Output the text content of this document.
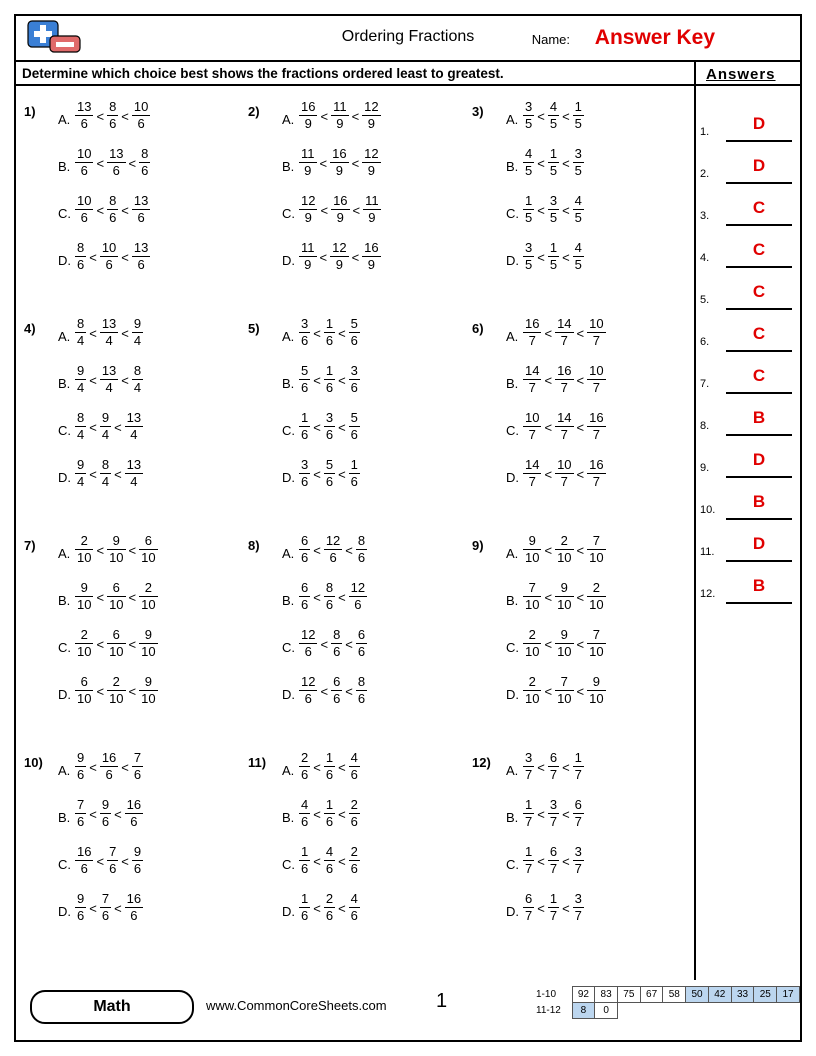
Ordering Fractions	Name: Answer Key
Determine which choice best shows the fractions ordered least to greatest.	Answers
1.	D
2.	D
3.	C
4.	C
5.	C
6.	C
7.	C
8.	B
9.	D
10.	B
11.	D
12.	B
1)
A. $\frac{13}{6} < \frac{8}{6} < \frac{10}{6}$
B. $\frac{10}{6} < \frac{13}{6} < \frac{8}{6}$
C. $\frac{10}{6} < \frac{8}{6} < \frac{13}{6}$
D. $\frac{8}{6} < \frac{10}{6} < \frac{13}{6}$
2)
A. $\frac{16}{9} < \frac{11}{9} < \frac{12}{9}$
B. $\frac{11}{9} < \frac{16}{9} < \frac{12}{9}$
C. $\frac{12}{9} < \frac{16}{9} < \frac{11}{9}$
D. $\frac{11}{9} < \frac{12}{9} < \frac{16}{9}$
3)
A. $\frac{3}{5} < \frac{4}{5} < \frac{1}{5}$
B. $\frac{4}{5} < \frac{1}{5} < \frac{3}{5}$
C. $\frac{1}{5} < \frac{3}{5} < \frac{4}{5}$
D. $\frac{3}{5} < \frac{1}{5} < \frac{4}{5}$
4)
A. $\frac{8}{4} < \frac{13}{4} < \frac{9}{4}$
B. $\frac{9}{4} < \frac{13}{4} < \frac{8}{4}$
C. $\frac{8}{4} < \frac{9}{4} < \frac{13}{4}$
D. $\frac{9}{4} < \frac{8}{4} < \frac{13}{4}$
5)
A. $\frac{3}{6} < \frac{1}{6} < \frac{5}{6}$
B. $\frac{5}{6} < \frac{1}{6} < \frac{3}{6}$
C. $\frac{1}{6} < \frac{3}{6} < \frac{5}{6}$
D. $\frac{3}{6} < \frac{5}{6} < \frac{1}{6}$
6)
A. $\frac{16}{7} < \frac{14}{7} < \frac{10}{7}$
B. $\frac{14}{7} < \frac{16}{7} < \frac{10}{7}$
C. $\frac{10}{7} < \frac{14}{7} < \frac{16}{7}$
D. $\frac{14}{7} < \frac{10}{7} < \frac{16}{7}$
7)
A. $\frac{2}{10} < \frac{9}{10} < \frac{6}{10}$
B. $\frac{9}{10} < \frac{6}{10} < \frac{2}{10}$
C. $\frac{2}{10} < \frac{6}{10} < \frac{9}{10}$
D. $\frac{6}{10} < \frac{2}{10} < \frac{9}{10}$
8)
A. $\frac{6}{6} < \frac{12}{6} < \frac{8}{6}$
B. $\frac{6}{6} < \frac{8}{6} < \frac{12}{6}$
C. $\frac{12}{6} < \frac{8}{6} < \frac{6}{6}$
D. $\frac{12}{6} < \frac{6}{6} < \frac{8}{6}$
9)
A. $\frac{9}{10} < \frac{2}{10} < \frac{7}{10}$
B. $\frac{7}{10} < \frac{9}{10} < \frac{2}{10}$
C. $\frac{2}{10} < \frac{9}{10} < \frac{7}{10}$
D. $\frac{2}{10} < \frac{7}{10} < \frac{9}{10}$
10)
A. $\frac{9}{6} < \frac{16}{6} < \frac{7}{6}$
B. $\frac{7}{6} < \frac{9}{6} < \frac{16}{6}$
C. $\frac{16}{6} < \frac{7}{6} < \frac{9}{6}$
D. $\frac{9}{6} < \frac{7}{6} < \frac{16}{6}$
11)
A. $\frac{2}{6} < \frac{1}{6} < \frac{4}{6}$
B. $\frac{4}{6} < \frac{1}{6} < \frac{2}{6}$
C. $\frac{1}{6} < \frac{4}{6} < \frac{2}{6}$
D. $\frac{1}{6} < \frac{2}{6} < \frac{4}{6}$
12)
A. $\frac{3}{7} < \frac{6}{7} < \frac{1}{7}$
B. $\frac{1}{7} < \frac{3}{7} < \frac{6}{7}$
C. $\frac{1}{7} < \frac{6}{7} < \frac{3}{7}$
D. $\frac{6}{7} < \frac{1}{7} < \frac{3}{7}$
Math	www.CommonCoreSheets.com 1	1-10	92	83	75	67	58	50	42	33	25	17
11-12	8	0								
